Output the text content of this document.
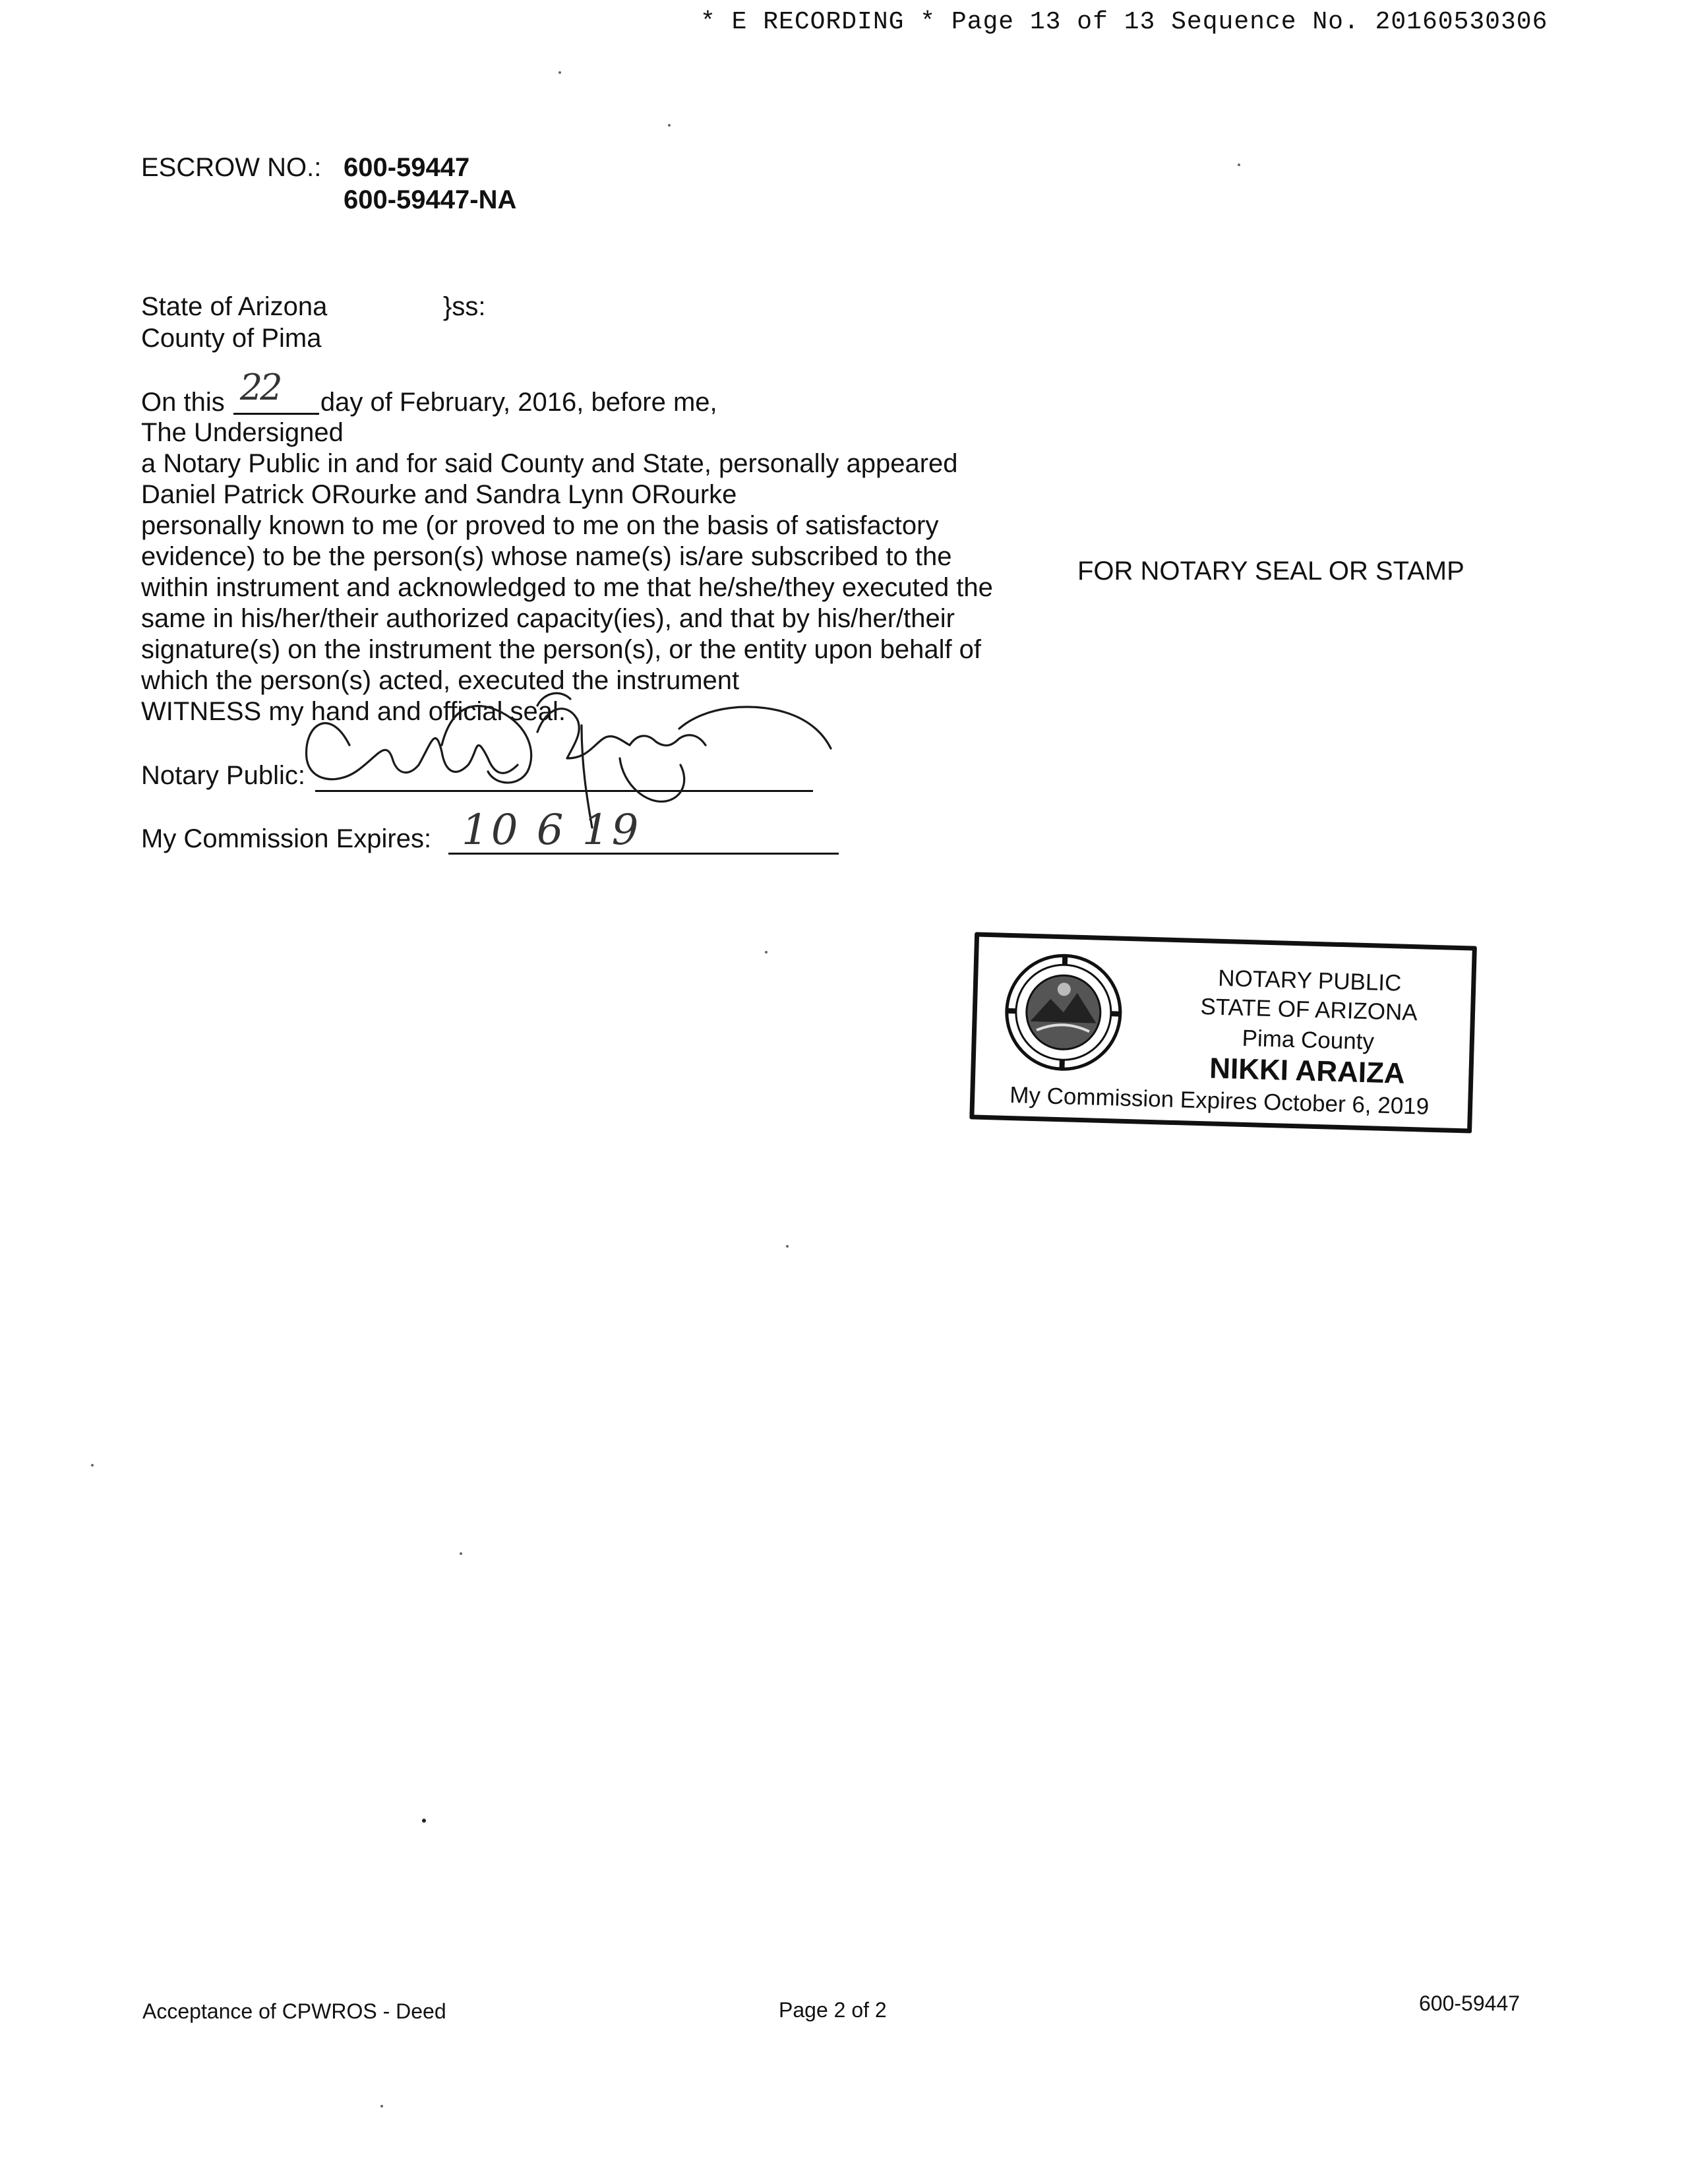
* E RECORDING * Page 13 of 13 Sequence No. 20160530306
ESCROW NO.: 600-59447
600-59447-NA
State of Arizona	}ss:
County of Pima
On this 22 day of February, 2016, before me,
The Undersigned
a Notary Public in and for said County and State, personally appeared
Daniel Patrick ORourke and Sandra Lynn ORourke
personally known to me (or proved to me on the basis of satisfactory
evidence) to be the person(s) whose name(s) is/are subscribed to the
within instrument and acknowledged to me that he/she/they executed the
same in his/her/their authorized capacity(ies), and that by his/her/their
signature(s) on the instrument the person(s), or the entity upon behalf of
which the person(s) acted, executed the instrument
WITNESS my hand and official seal.
FOR NOTARY SEAL OR STAMP
Notary Public:
My Commission Expires: 10 6 19
NOTARY PUBLIC
STATE OF ARIZONA
Pima County
NIKKI ARAIZA
My Commission Expires October 6, 2019
Acceptance of CPWROS - Deed	Page 2 of 2	600-59447
